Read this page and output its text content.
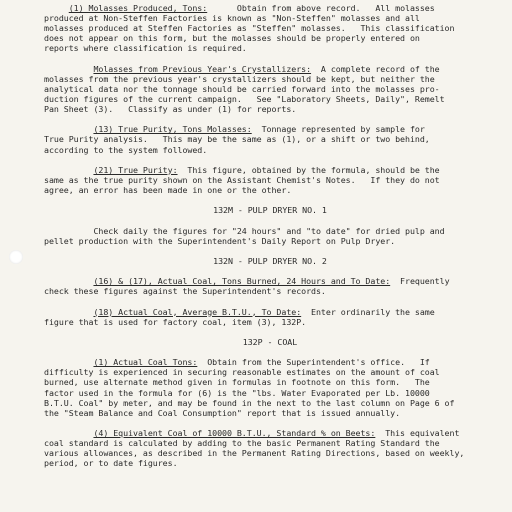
(1) Molasses Produced, Tons:      Obtain from above record.   All molasses
produced at Non-Steffen Factories is known as "Non-Steffen" molasses and all
molasses produced at Steffen Factories as "Steffen" molasses.   This classification
does not appear on this form, but the molasses should be properly entered on
reports where classification is required.

Molasses from Previous Year's Crystallizers:  A complete record of the
molasses from the previous year's crystallizers should be kept, but neither the
analytical data nor the tonnage should be carried forward into the molasses pro-
duction figures of the current campaign.   See "Laboratory Sheets, Daily", Remelt
Pan Sheet (3).   Classify as under (1) for reports.

(13) True Purity, Tons Molasses:  Tonnage represented by sample for
True Purity analysis.   This may be the same as (1), or a shift or two behind,
according to the system followed.

(21) True Purity:  This figure, obtained by the formula, should be the
same as the true purity shown on the Assistant Chemist's Notes.   If they do not
agree, an error has been made in one or the other.

132M - PULP DRYER NO. 1

Check daily the figures for "24 hours" and "to date" for dried pulp and
pellet production with the Superintendent's Daily Report on Pulp Dryer.

132N - PULP DRYER NO. 2

(16) & (17), Actual Coal, Tons Burned, 24 Hours and To Date:  Frequently
check these figures against the Superintendent's records.

(18) Actual Coal, Average B.T.U., To Date:  Enter ordinarily the same
figure that is used for factory coal, item (3), 132P.

132P - COAL

(1) Actual Coal Tons:  Obtain from the Superintendent's office.   If
difficulty is experienced in securing reasonable estimates on the amount of coal
burned, use alternate method given in formulas in footnote on this form.   The
factor used in the formula for (6) is the "lbs. Water Evaporated per Lb. 10000
B.T.U. Coal" by meter, and may be found in the next to the last column on Page 6 of
the "Steam Balance and Coal Consumption" report that is issued annually.

(4) Equivalent Coal of 10000 B.T.U., Standard % on Beets:  This equivalent
coal standard is calculated by adding to the basic Permanent Rating Standard the
various allowances, as described in the Permanent Rating Directions, based on weekly,
period, or to date figures.
